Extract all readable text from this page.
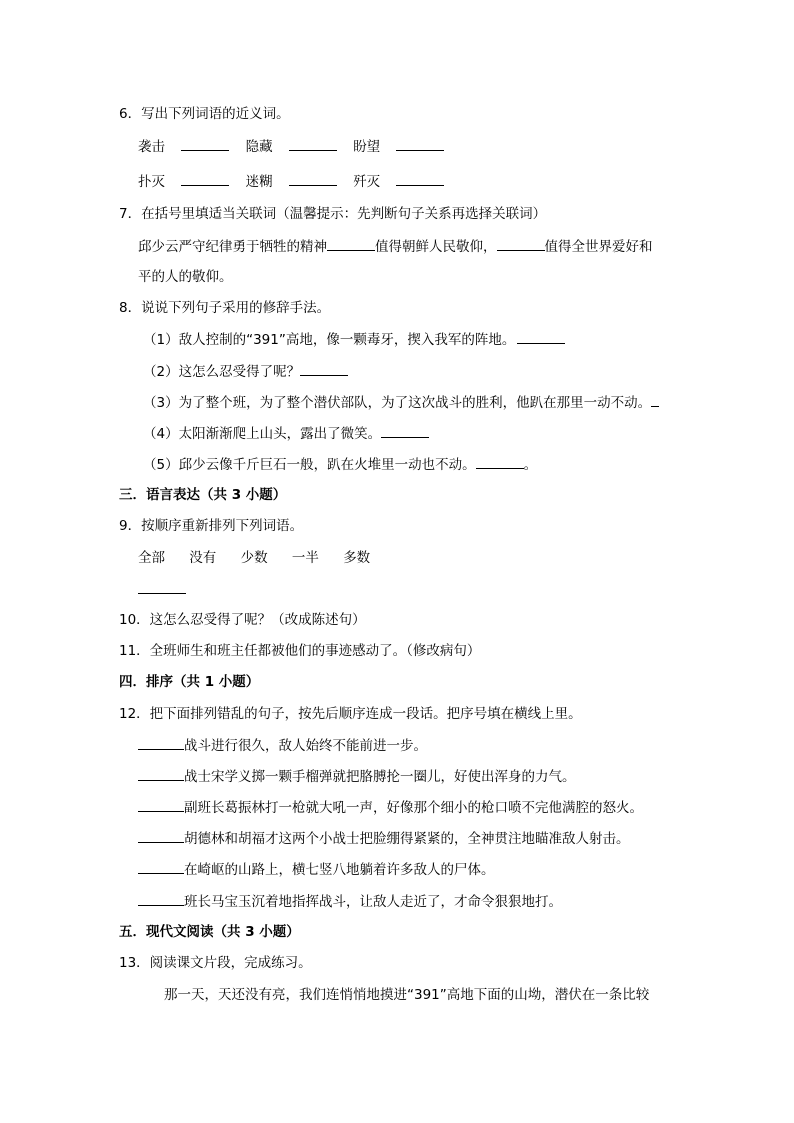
6．写出下列词语的近义词。
袭击	隐藏	盼望
扑灭	迷糊	歼灭
7．在括号里填适当关联词（温馨提示：先判断句子关系再选择关联词）
邱少云严守纪律勇于牺牲的精神	值得朝鲜人民敬仰，	值得全世界爱好和
平的人的敬仰。
8．说说下列句子采用的修辞手法。
（1）敌人控制的“391”高地，像一颗毒牙，揳入我军的阵地。
（2）这怎么忍受得了呢？
（3）为了整个班，为了整个潜伏部队，为了这次战斗的胜利，他趴在那里一动不动。
（4）太阳渐渐爬上山头，露出了微笑。
（5）邱少云像千斤巨石一般，趴在火堆里一动也不动。	。
三．语言表达（共 3 小题）
9．按顺序重新排列下列词语。
全部 没有 少数 一半 多数
10．这怎么忍受得了呢？（改成陈述句）
11．全班师生和班主任都被他们的事迹感动了。（修改病句）
四．排序（共 1 小题）
12．把下面排列错乱的句子，按先后顺序连成一段话。把序号填在横线上里。
战斗进行很久，敌人始终不能前进一步。
战士宋学义掷一颗手榴弹就把胳膊抡一圈儿，好使出浑身的力气。
副班长葛振林打一枪就大吼一声，好像那个细小的枪口喷不完他满腔的怒火。
胡德林和胡福才这两个小战士把脸绷得紧紧的，全神贯注地瞄准敌人射击。
在崎岖的山路上，横七竖八地躺着许多敌人的尸体。
班长马宝玉沉着地指挥战斗，让敌人走近了，才命令狠狠地打。
五．现代文阅读（共 3 小题）
13．阅读课文片段，完成练习。
那一天，天还没有亮，我们连悄悄地摸进“391”高地下面的山坳，潜伏在一条比较
